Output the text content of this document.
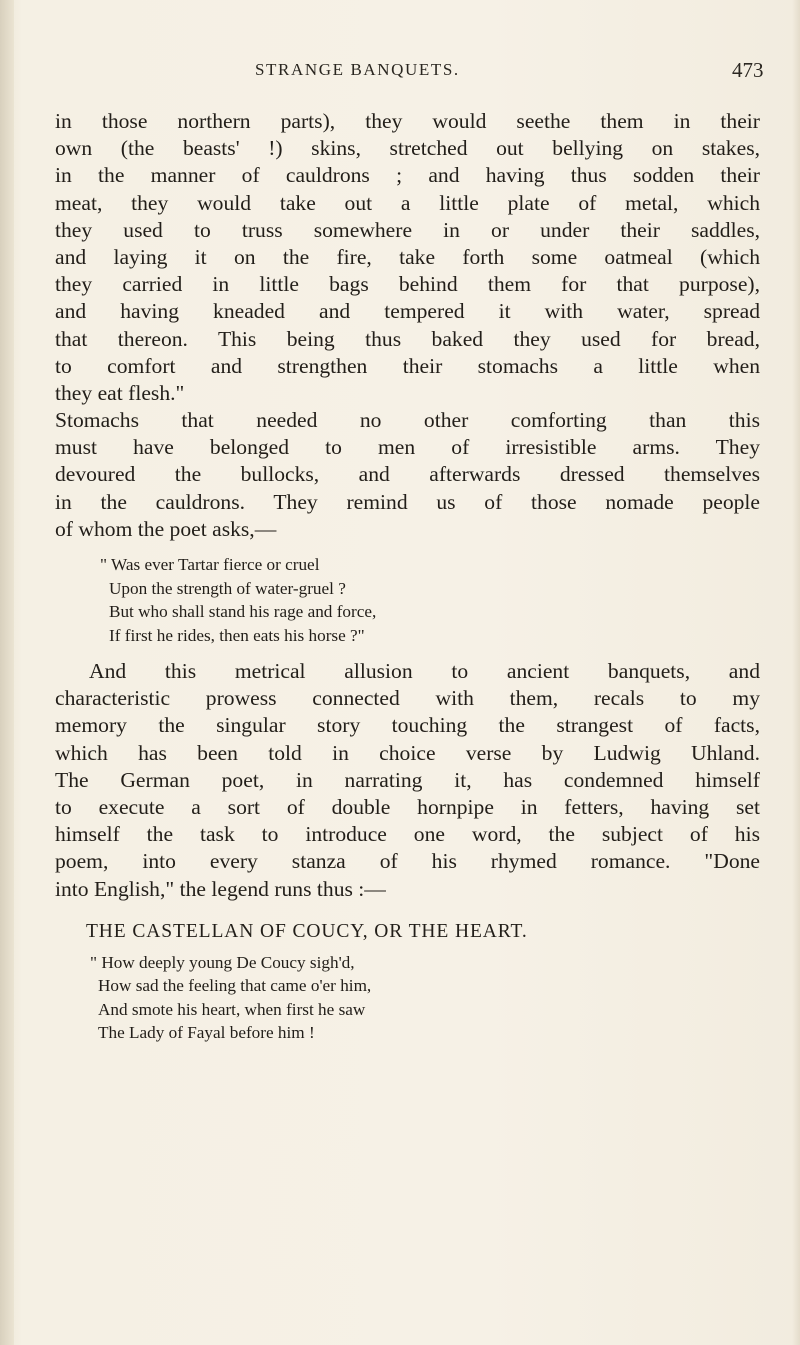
STRANGE BANQUETS.	473
in those northern parts), they would seethe them in their
own (the beasts' !) skins, stretched out bellying on stakes,
in the manner of cauldrons ; and having thus sodden their
meat, they would take out a little plate of metal, which
they used to truss somewhere in or under their saddles,
and laying it on the fire, take forth some oatmeal (which
they carried in little bags behind them for that purpose),
and having kneaded and tempered it with water, spread
that thereon. This being thus baked they used for bread,
to comfort and strengthen their stomachs a little when
they eat flesh."
Stomachs that needed no other comforting than this
must have belonged to men of irresistible arms. They
devoured the bullocks, and afterwards dressed themselves
in the cauldrons. They remind us of those nomade people
of whom the poet asks,—
" Was ever Tartar fierce or cruel
Upon the strength of water-gruel ?
But who shall stand his rage and force,
If first he rides, then eats his horse ?"
And this metrical allusion to ancient banquets, and
characteristic prowess connected with them, recals to my
memory the singular story touching the strangest of facts,
which has been told in choice verse by Ludwig Uhland.
The German poet, in narrating it, has condemned himself
to execute a sort of double hornpipe in fetters, having set
himself the task to introduce one word, the subject of his
poem, into every stanza of his rhymed romance. "Done
into English," the legend runs thus :—
THE CASTELLAN OF COUCY, OR THE HEART.
" How deeply young De Coucy sigh'd,
How sad the feeling that came o'er him,
And smote his heart, when first he saw
The Lady of Fayal before him !
